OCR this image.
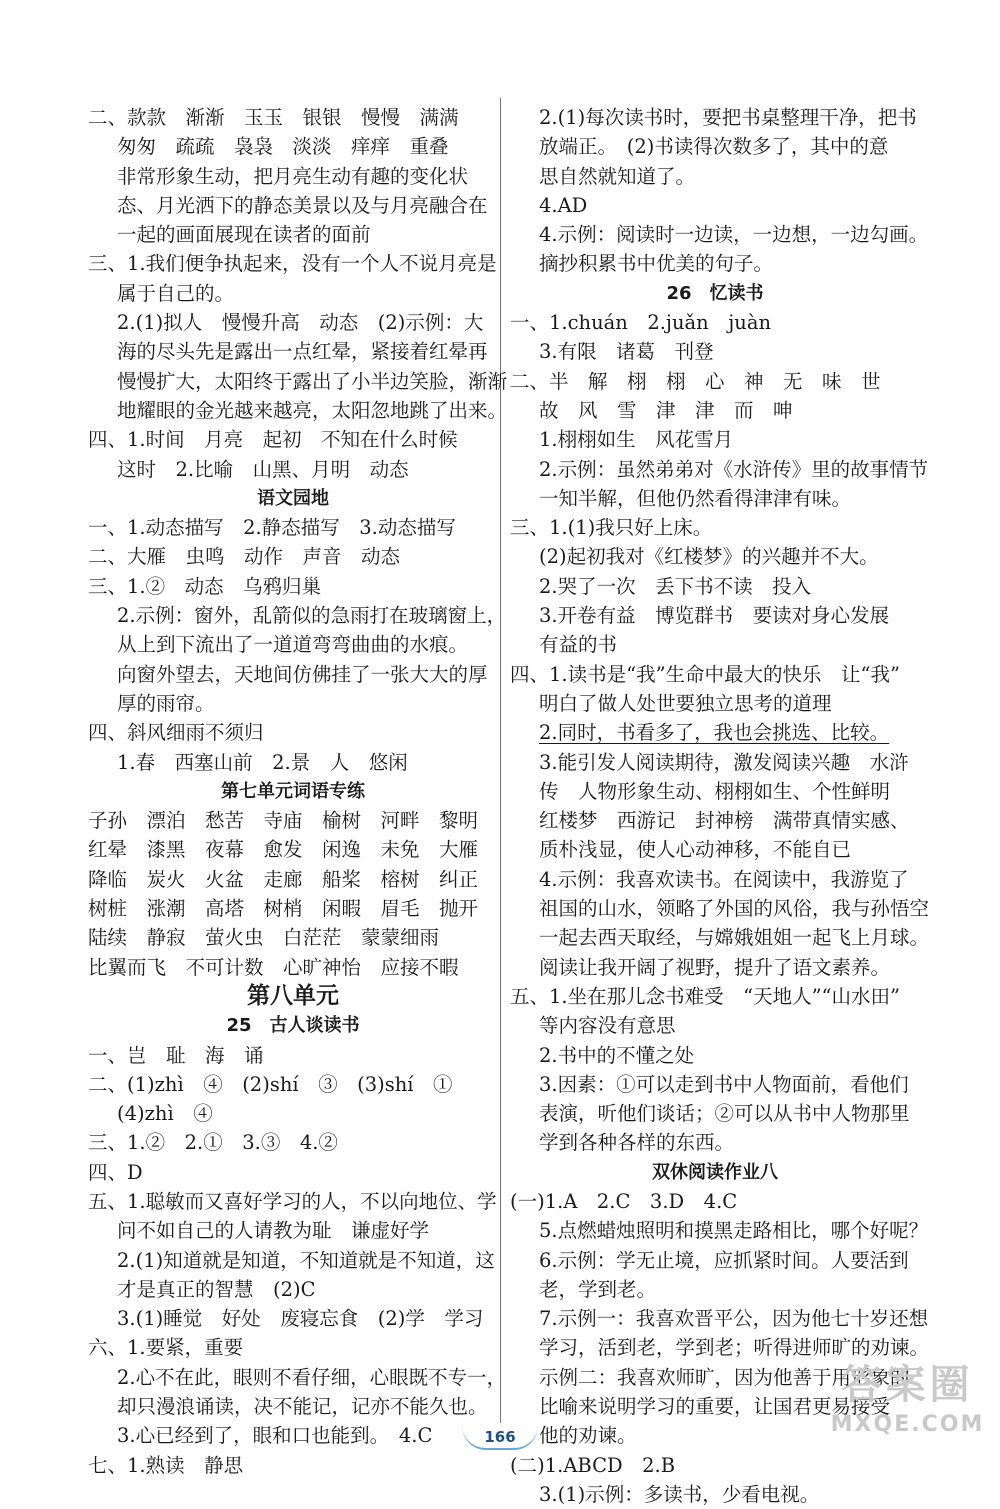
二、款款　渐渐　玉玉　银银　慢慢　满满
匆匆　疏疏　袅袅　淡淡　痒痒　重叠
非常形象生动，把月亮生动有趣的变化状
态、月光洒下的静态美景以及与月亮融合在
一起的画面展现在读者的面前
三、1.我们便争执起来，没有一个人不说月亮是
属于自己的。
2.(1)拟人　慢慢升高　动态　(2)示例：大
海的尽头先是露出一点红晕，紧接着红晕再
慢慢扩大，太阳终于露出了小半边笑脸，渐渐
地耀眼的金光越来越亮，太阳忽地跳了出来。
四、1.时间　月亮　起初　不知在什么时候
这时　2.比喻　山黑、月明　动态
语文园地
一、1.动态描写　2.静态描写　3.动态描写
二、大雁　虫鸣　动作　声音　动态
三、1.②　动态　乌鸦归巢
2.示例：窗外，乱箭似的急雨打在玻璃窗上，
从上到下流出了一道道弯弯曲曲的水痕。
向窗外望去，天地间仿佛挂了一张大大的厚
厚的雨帘。
四、斜风细雨不须归
1.春　西塞山前　2.景　人　悠闲
第七单元词语专练
子孙　漂泊　愁苦　寺庙　榆树　河畔　黎明
红晕　漆黑　夜幕　愈发　闲逸　未免　大雁
降临　炭火　火盆　走廊　船桨　榕树　纠正
树桩　涨潮　高塔　树梢　闲暇　眉毛　抛开
陆续　静寂　萤火虫　白茫茫　蒙蒙细雨
比翼而飞　不可计数　心旷神怡　应接不暇
第八单元
25　古人谈读书
一、岂　耻　海　诵
二、(1)zhì　④　(2)shí　③　(3)shí　①
(4)zhì　④
三、1.②　2.①　3.③　4.②
四、D
五、1.聪敏而又喜好学习的人，不以向地位、学
问不如自己的人请教为耻　谦虚好学
2.(1)知道就是知道，不知道就是不知道，这
才是真正的智慧　(2)C
3.(1)睡觉　好处　废寝忘食　(2)学　学习
六、1.要紧，重要
2.心不在此，眼则不看仔细，心眼既不专一，
却只漫浪诵读，决不能记，记亦不能久也。
3.心已经到了，眼和口也能到。　4.C
七、1.熟读　静思
2.(1)每次读书时，要把书桌整理干净，把书
放端正。　(2)书读得次数多了，其中的意
思自然就知道了。
4.AD
4.示例：阅读时一边读，一边想，一边勾画。
摘抄积累书中优美的句子。
26　忆读书
一、1.chuán　2.juǎn　juàn
3.有限　诸葛　刊登
二、半　解　栩　栩　心　神　无　味　世
故　风　雪　津　津　而　呻
1.栩栩如生　风花雪月
2.示例：虽然弟弟对《水浒传》里的故事情节
一知半解，但他仍然看得津津有味。
三、1.(1)我只好上床。
(2)起初我对《红楼梦》的兴趣并不大。
2.哭了一次　丢下书不读　投入
3.开卷有益　博览群书　要读对身心发展
有益的书
四、1.读书是“我”生命中最大的快乐　让“我”
明白了做人处世要独立思考的道理
2.同时，书看多了，我也会挑选、比较。
3.能引发人阅读期待，激发阅读兴趣　水浒
传　人物形象生动、栩栩如生、个性鲜明
红楼梦　西游记　封神榜　满带真情实感、
质朴浅显，使人心动神移，不能自已
4.示例：我喜欢读书。在阅读中，我游览了
祖国的山水，领略了外国的风俗，我与孙悟空
一起去西天取经，与嫦娥姐姐一起飞上月球。
阅读让我开阔了视野，提升了语文素养。
五、1.坐在那儿念书难受　“天地人”“山水田”
等内容没有意思
2.书中的不懂之处
3.因素：①可以走到书中人物面前，看他们
表演，听他们谈话；②可以从书中人物那里
学到各种各样的东西。
双休阅读作业八
(一)1.A　2.C　3.D　4.C
5.点燃蜡烛照明和摸黑走路相比，哪个好呢？
6.示例：学无止境，应抓紧时间。人要活到
老，学到老。
7.示例一：我喜欢晋平公，因为他七十岁还想
学习，活到老，学到老；听得进师旷的劝谏。
示例二：我喜欢师旷，因为他善于用形象的
比喻来说明学习的重要，让国君更易接受
他的劝谏。
(二)1.ABCD　2.B
3.(1)示例：多读书，少看电视。
166
答案圈
MXQE.COM
